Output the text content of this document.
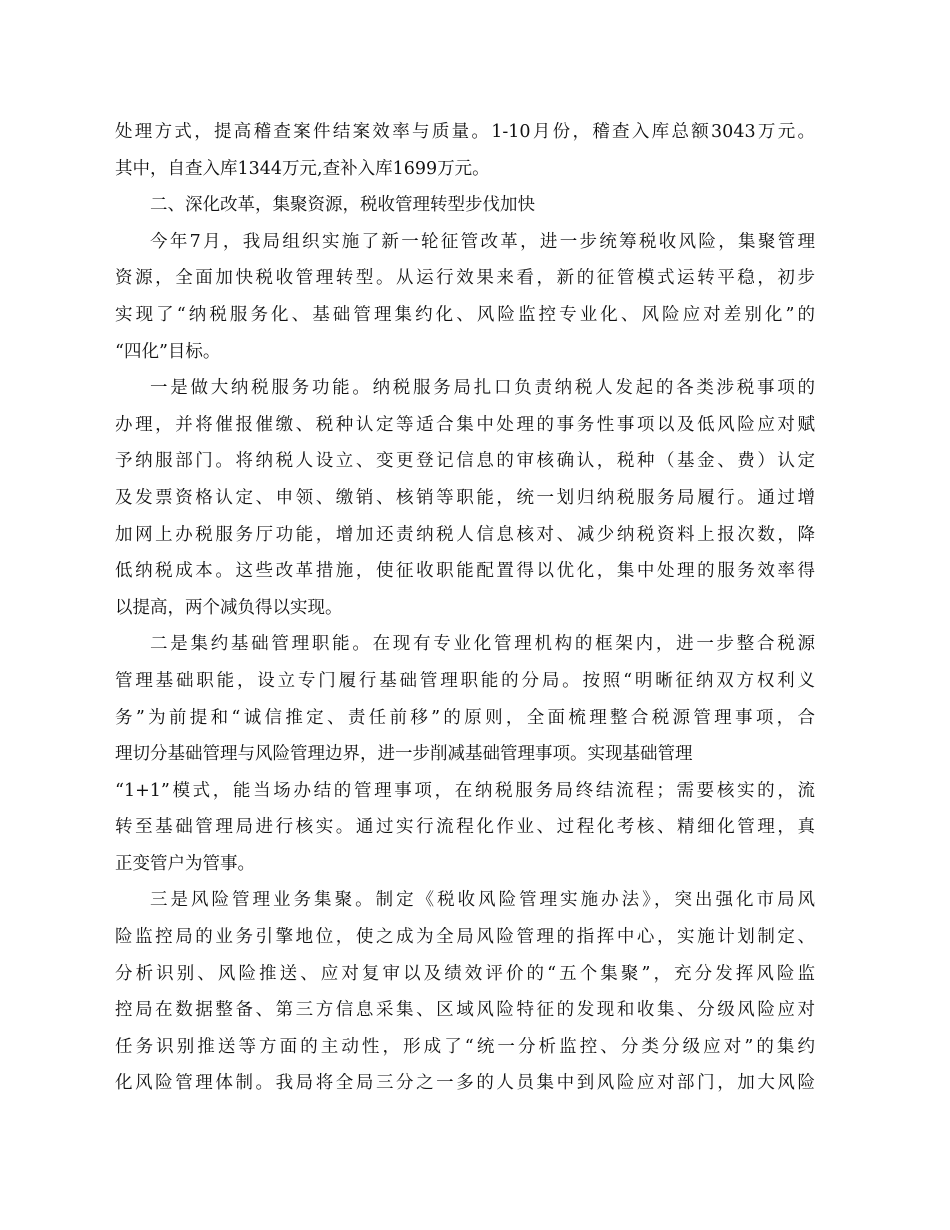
处理方式，提高稽查案件结案效率与质量。1-10月份，稽查入库总额3043万元。
其中，自查入库1344万元,查补入库1699万元。
二、深化改革，集聚资源，税收管理转型步伐加快
今年7月，我局组织实施了新一轮征管改革，进一步统筹税收风险，集聚管理
资源，全面加快税收管理转型。从运行效果来看，新的征管模式运转平稳，初步
实现了“纳税服务化、基础管理集约化、风险监控专业化、风险应对差别化”的
“四化”目标。
一是做大纳税服务功能。纳税服务局扎口负责纳税人发起的各类涉税事项的
办理，并将催报催缴、税种认定等适合集中处理的事务性事项以及低风险应对赋
予纳服部门。将纳税人设立、变更登记信息的审核确认，税种（基金、费）认定
及发票资格认定、申领、缴销、核销等职能，统一划归纳税服务局履行。通过增
加网上办税服务厅功能，增加还责纳税人信息核对、减少纳税资料上报次数，降
低纳税成本。这些改革措施，使征收职能配置得以优化，集中处理的服务效率得
以提高，两个减负得以实现。
二是集约基础管理职能。在现有专业化管理机构的框架内，进一步整合税源
管理基础职能，设立专门履行基础管理职能的分局。按照“明晰征纳双方权利义
务”为前提和“诚信推定、责任前移”的原则，全面梳理整合税源管理事项，合
理切分基础管理与风险管理边界，进一步削减基础管理事项。实现基础管理
“1+1”模式，能当场办结的管理事项，在纳税服务局终结流程；需要核实的，流
转至基础管理局进行核实。通过实行流程化作业、过程化考核、精细化管理，真
正变管户为管事。
三是风险管理业务集聚。制定《税收风险管理实施办法》，突出强化市局风
险监控局的业务引擎地位，使之成为全局风险管理的指挥中心，实施计划制定、
分析识别、风险推送、应对复审以及绩效评价的“五个集聚”，充分发挥风险监
控局在数据整备、第三方信息采集、区域风险特征的发现和收集、分级风险应对
任务识别推送等方面的主动性，形成了“统一分析监控、分类分级应对”的集约
化风险管理体制。我局将全局三分之一多的人员集中到风险应对部门，加大风险
